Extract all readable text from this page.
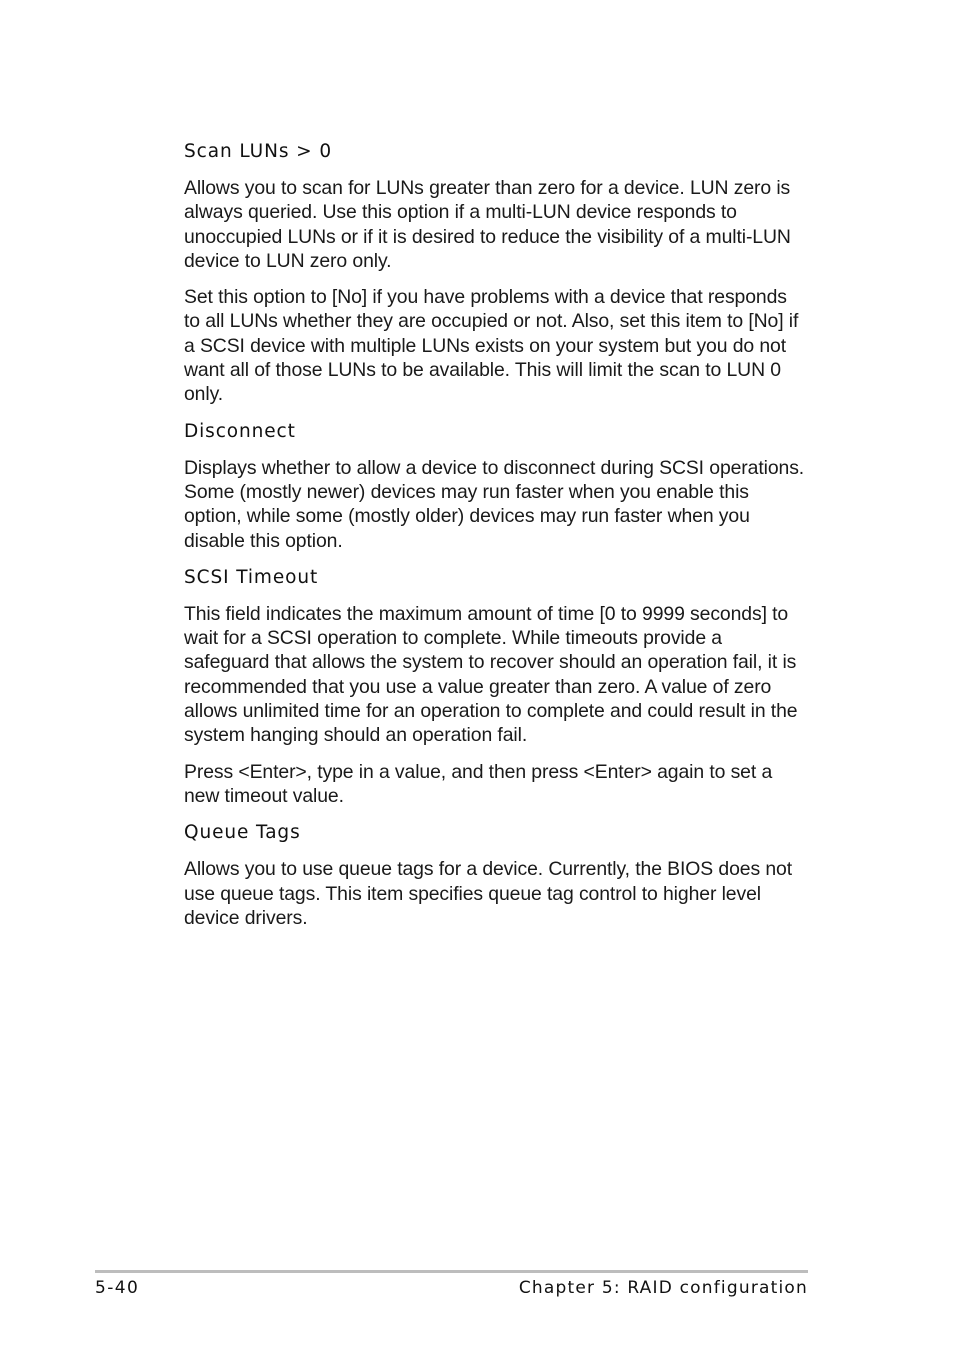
Scan LUNs > 0

Allows you to scan for LUNs greater than zero for a device. LUN zero is always queried. Use this option if a multi-LUN device responds to unoccupied LUNs or if it is desired to reduce the visibility of a multi-LUN device to LUN zero only.

Set this option to [No] if you have problems with a device that responds to all LUNs whether they are occupied or not. Also, set this item to [No] if a SCSI device with multiple LUNs exists on your system but you do not want all of those LUNs to be available. This will limit the scan to LUN 0 only.

Disconnect

Displays whether to allow a device to disconnect during SCSI operations. Some (mostly newer) devices may run faster when you enable this option, while some (mostly older) devices may run faster when you disable this option.

SCSI Timeout

This field indicates the maximum amount of time [0 to 9999 seconds] to wait for a SCSI operation to complete. While timeouts provide a safeguard that allows the system to recover should an operation fail, it is recommended that you use a value greater than zero. A value of zero allows unlimited time for an operation to complete and could result in the system hanging should an operation fail.

Press <Enter>, type in a value, and then press <Enter> again to set a new timeout value.

Queue Tags

Allows you to use queue tags for a device. Currently, the BIOS does not use queue tags. This item specifies queue tag control to higher level device drivers.

5-40	Chapter 5: RAID configuration
